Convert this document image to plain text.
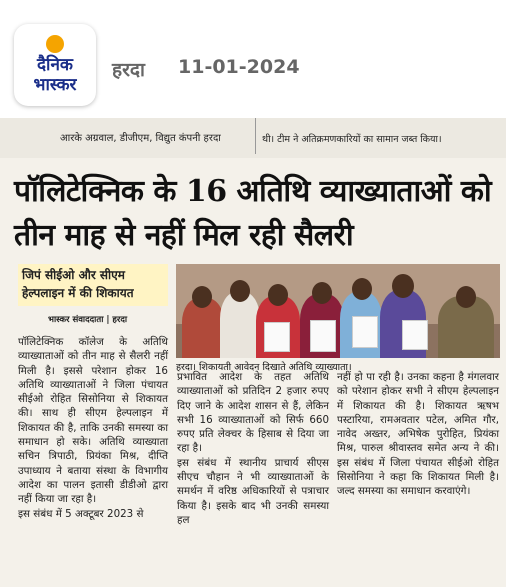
दैनिक
भास्कर
हरदा 11-01-2024
आरके अग्रवाल, डीजीएम, विद्युत कंपनी हरदा	थी। टीम ने अतिक्रमणकारियों का सामान जब्त किया।
पॉलिटेक्निक के 16 अतिथि व्याख्याताओं को तीन माह से नहीं मिल रही सैलरी
जिपं सीईओ और सीएम हेल्पलाइन में की शिकायत
भास्कर संवाददाता | हरदा

पॉलिटेक्निक कॉलेज के अतिथि व्याख्याताओं को तीन माह से सैलरी नहीं मिली है। इससे परेशान होकर 16 अतिथि व्याख्याताओं ने जिला पंचायत सीईओ रोहित सिसोनिया से शिकायत की। साथ ही सीएम हेल्पलाइन में शिकायत की है, ताकि उनकी समस्या का समाधान हो सके। अतिथि व्याख्याता सचिन त्रिपाठी, प्रियंका मिश्र, दीप्ति उपाध्याय ने बताया संस्था के विभागीय आदेश का पालन इतासी डीडीओ द्वारा नहीं किया जा रहा है।

इस संबंध में 5 अक्टूबर 2023 से

हरदा। शिकायती आवेदन दिखाते अतिथि व्याख्याता।

प्रभावित आदेश के तहत अतिथि व्याख्याताओं को प्रतिदिन 2 हजार रुपए दिए जाने के आदेश शासन से हैं, लेकिन सभी 16 व्याख्याताओं को सिर्फ 660 रुपए प्रति लेक्चर के हिसाब से दिया जा रहा है।

इस संबंध में स्थानीय प्राचार्य सीएस सीएच चौहान ने भी व्याख्याताओं के समर्थन में वरिष्ठ अधिकारियों से पत्राचार किया है। इसके बाद भी उनकी समस्या हल

नहीं हो पा रही है। उनका कहना है मंगलवार को परेशान होकर सभी ने सीएम हेल्पलाइन में शिकायत की है। शिकायत ऋषभ पस्टारिया, रामअवतार पटेल, अमित गौर, नावेद अख्तर, अभिषेक पुरोहित, प्रियंका मिश्र, पारुल श्रीवास्तव समेत अन्य ने की। इस संबंध में जिला पंचायत सीईओ रोहित सिसोनिया ने कहा कि शिकायत मिली है। जल्द समस्या का समाधान करवाएंगे।
